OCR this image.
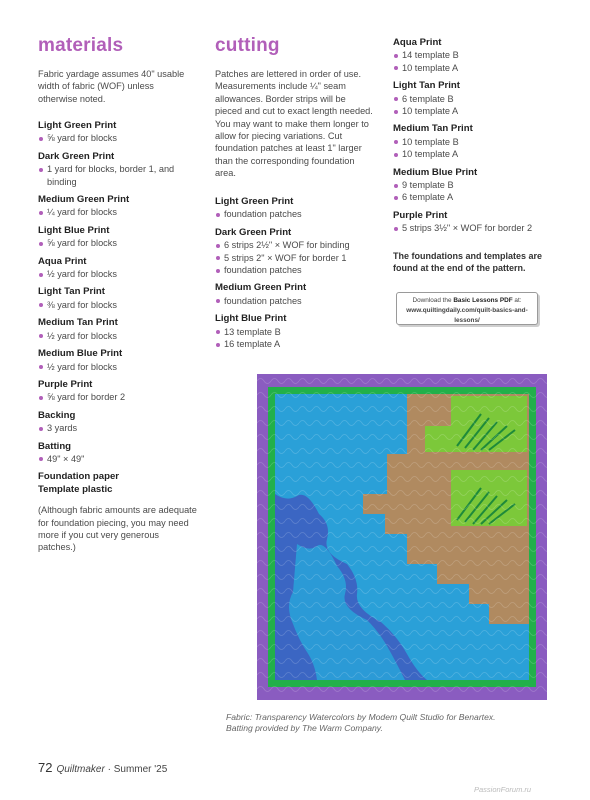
materials
Fabric yardage assumes 40" usable width of fabric (WOF) unless otherwise noted.
Light Green Print
⅝ yard for blocks
Dark Green Print
1 yard for blocks, border 1, and binding
Medium Green Print
¼ yard for blocks
Light Blue Print
⅝ yard for blocks
Aqua Print
½ yard for blocks
Light Tan Print
⅜ yard for blocks
Medium Tan Print
½ yard for blocks
Medium Blue Print
½ yard for blocks
Purple Print
⅝ yard for border 2
Backing
3 yards
Batting
49" × 49"
Foundation paper
Template plastic
(Although fabric amounts are adequate for foundation piecing, you may need more if you cut very generous patches.)
cutting
Patches are lettered in order of use. Measurements include ¼" seam allowances. Border strips will be pieced and cut to exact length needed. You may want to make them longer to allow for piecing variations. Cut foundation patches at least 1" larger than the corresponding foundation area.
Light Green Print
foundation patches
Dark Green Print
6 strips 2½" × WOF for binding
5 strips 2" × WOF for border 1
foundation patches
Medium Green Print
foundation patches
Light Blue Print
13 template B
16 template A
Aqua Print
14 template B
10 template A
Light Tan Print
6 template B
10 template A
Medium Tan Print
10 template B
10 template A
Medium Blue Print
9 template B
6 template A
Purple Print
5 strips 3½" × WOF for border 2
The foundations and templates are found at the end of the pattern.
Download the Basic Lessons PDF at:
www.quiltingdaily.com/quilt-basics-and-lessons/
Fabric: Transparency Watercolors by Modem Quilt Studio for Benartex.
Batting provided by The Warm Company.
72 Quiltmaker · Summer '25
PassionForum.ru
